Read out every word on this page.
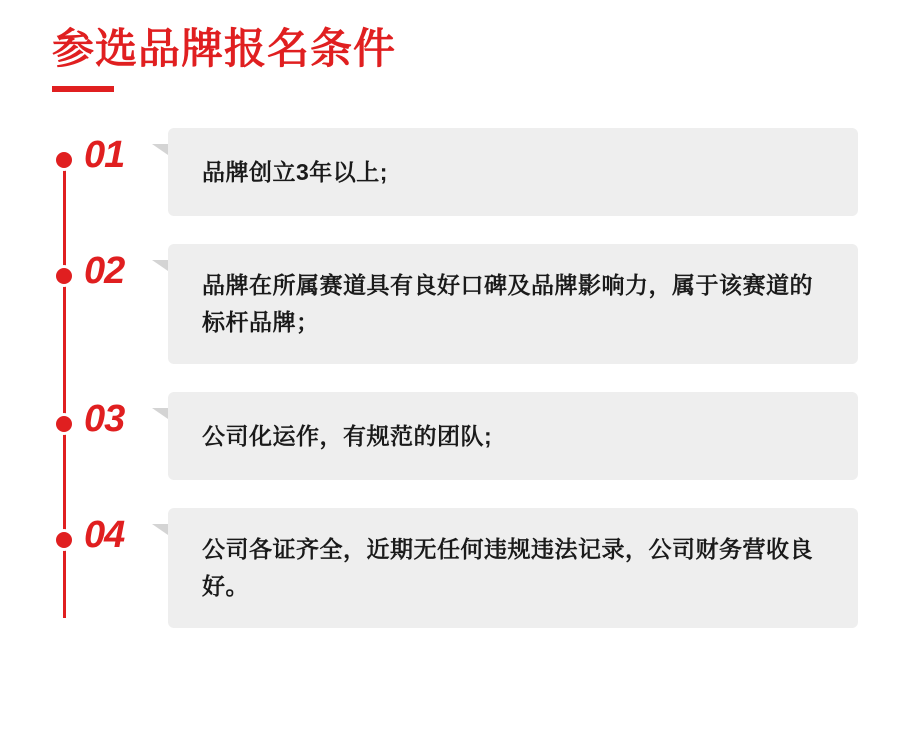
参选品牌报名条件
01	品牌创立3年以上;
02	品牌在所属赛道具有良好口碑及品牌影响力，属于该赛道的标杆品牌；
03	公司化运作，有规范的团队;
04	公司各证齐全，近期无任何违规违法记录，公司财务营收良好。
